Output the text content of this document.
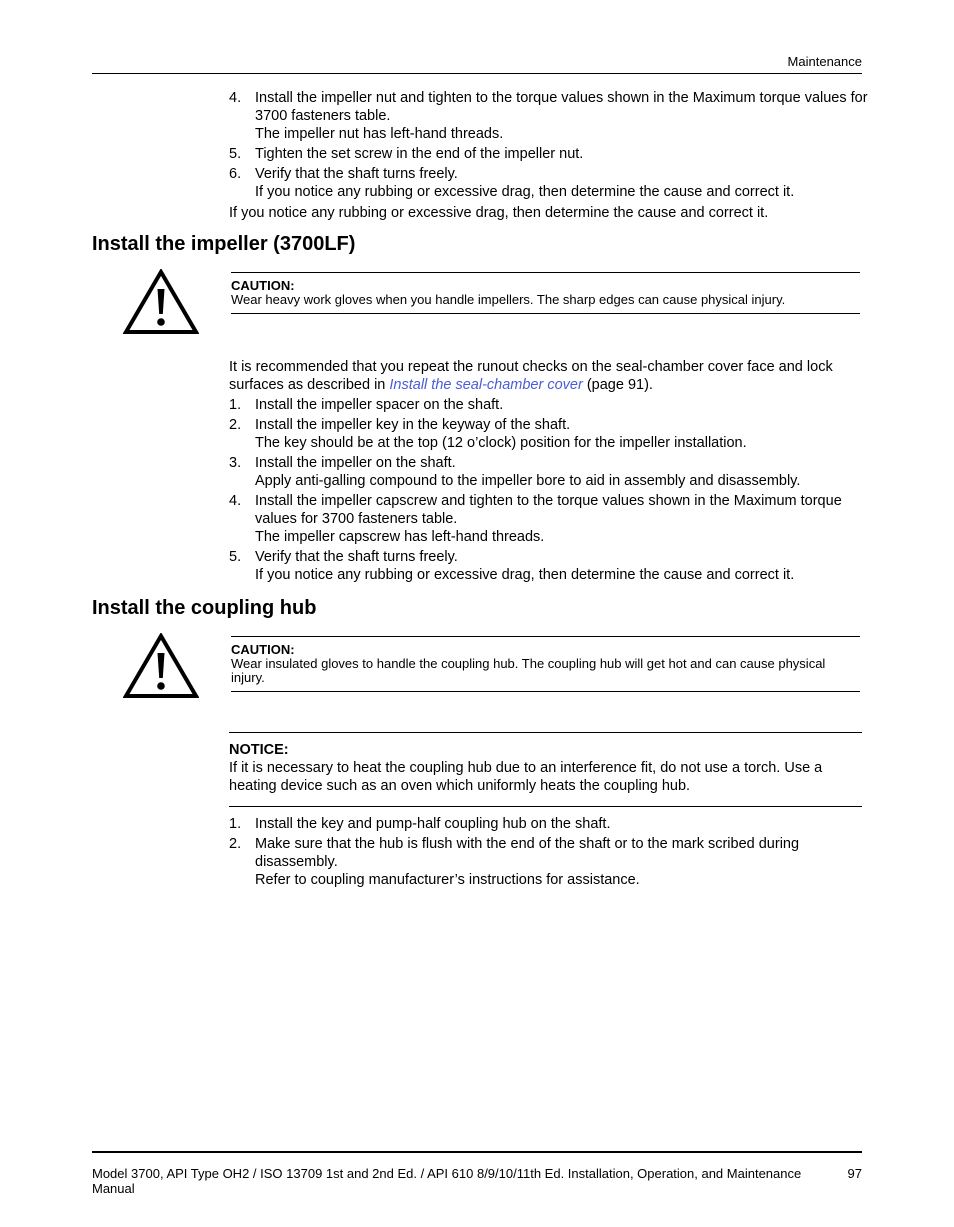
Maintenance
4. Install the impeller nut and tighten to the torque values shown in the Maximum torque values for 3700 fasteners table.
The impeller nut has left-hand threads.
5. Tighten the set screw in the end of the impeller nut.
6. Verify that the shaft turns freely.
If you notice any rubbing or excessive drag, then determine the cause and correct it.
If you notice any rubbing or excessive drag, then determine the cause and correct it.
Install the impeller (3700LF)
CAUTION:
Wear heavy work gloves when you handle impellers. The sharp edges can cause physical injury.
It is recommended that you repeat the runout checks on the seal-chamber cover face and lock surfaces as described in Install the seal-chamber cover (page 91).
1. Install the impeller spacer on the shaft.
2. Install the impeller key in the keyway of the shaft.
The key should be at the top (12 o’clock) position for the impeller installation.
3. Install the impeller on the shaft.
Apply anti-galling compound to the impeller bore to aid in assembly and disassembly.
4. Install the impeller capscrew and tighten to the torque values shown in the Maximum torque values for 3700 fasteners table.
The impeller capscrew has left-hand threads.
5. Verify that the shaft turns freely.
If you notice any rubbing or excessive drag, then determine the cause and correct it.
Install the coupling hub
CAUTION:
Wear insulated gloves to handle the coupling hub. The coupling hub will get hot and can cause physical injury.
NOTICE:
If it is necessary to heat the coupling hub due to an interference fit, do not use a torch. Use a heating device such as an oven which uniformly heats the coupling hub.
1. Install the key and pump-half coupling hub on the shaft.
2. Make sure that the hub is flush with the end of the shaft or to the mark scribed during disassembly.
Refer to coupling manufacturer’s instructions for assistance.
Model 3700, API Type OH2 / ISO 13709 1st and 2nd Ed. / API 610 8/9/10/11th Ed. Installation, Operation, and Maintenance Manual
97
